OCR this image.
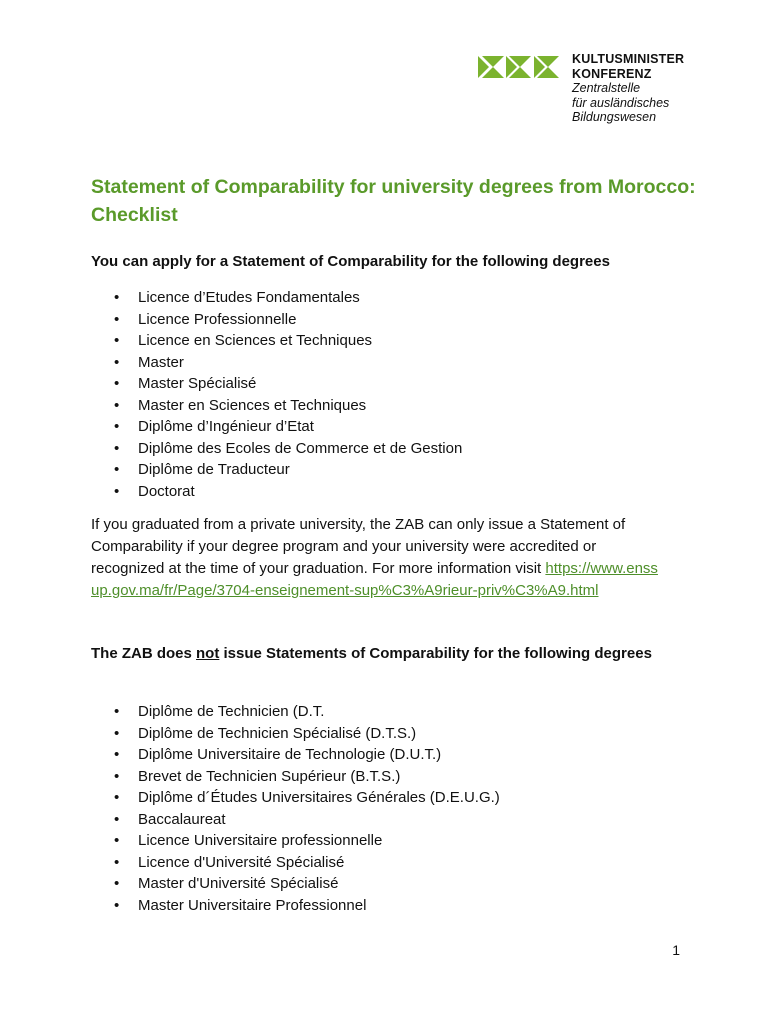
KULTUSMINISTER
KONFERENZ
Zentralstelle
für ausländisches
Bildungswesen
Statement of Comparability for university degrees from Morocco: Checklist

You can apply for a Statement of Comparability for the following degrees

• Licence d’Etudes Fondamentales
• Licence Professionnelle
• Licence en Sciences et Techniques
• Master
• Master Spécialisé
• Master en Sciences et Techniques
• Diplôme d’Ingénieur d’Etat
• Diplôme des Ecoles de Commerce et de Gestion
• Diplôme de Traducteur
• Doctorat

If you graduated from a private university, the ZAB can only issue a Statement of Comparability if your degree program and your university were accredited or recognized at the time of your graduation. For more information visit https://www.enssup.gov.ma/fr/Page/3704-enseignement-sup%C3%A9rieur-priv%C3%A9.html

The ZAB does not issue Statements of Comparability for the following degrees

• Diplôme de Technicien (D.T.
• Diplôme de Technicien Spécialisé (D.T.S.)
• Diplôme Universitaire de Technologie (D.U.T.)
• Brevet de Technicien Supérieur (B.T.S.)
• Diplôme d´Études Universitaires Générales (D.E.U.G.)
• Baccalaureat
• Licence Universitaire professionnelle
• Licence d'Université Spécialisé
• Master d'Université Spécialisé
• Master Universitaire Professionnel
1
